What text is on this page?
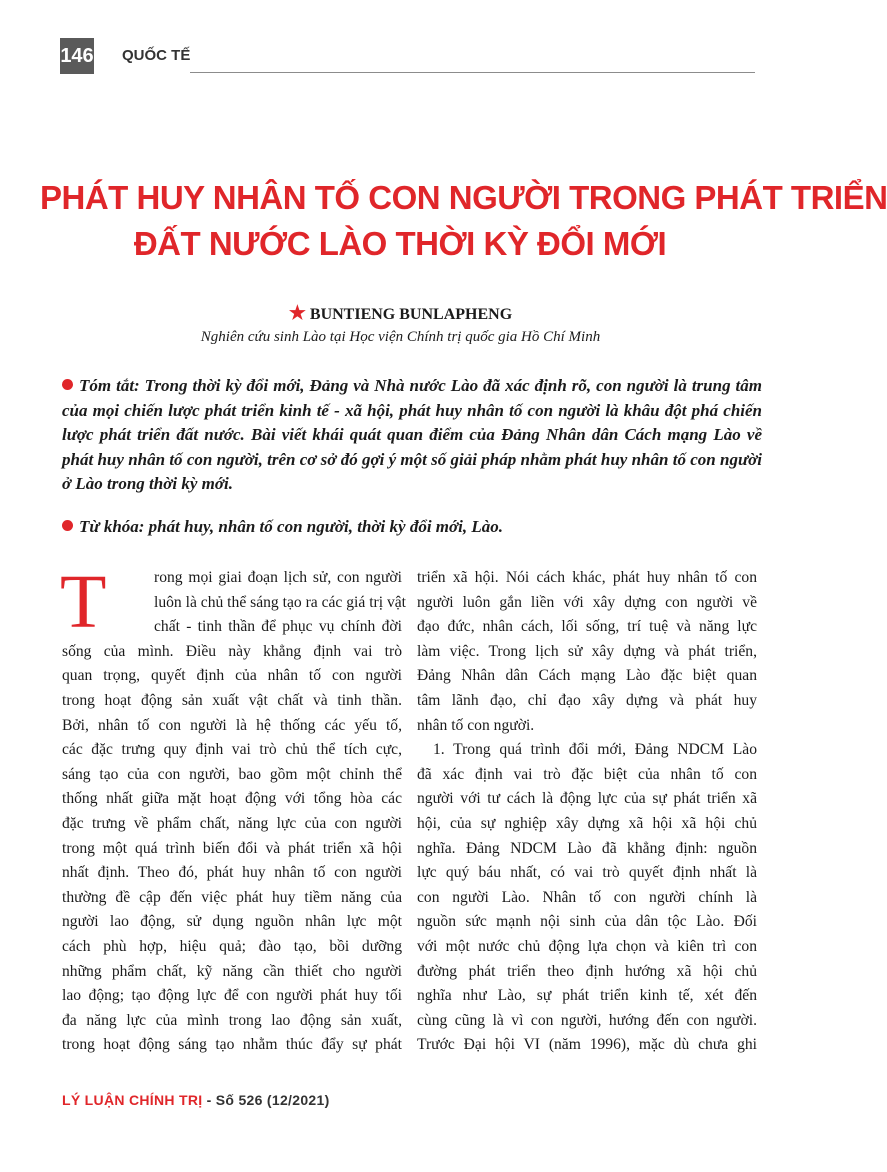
146 QUỐC TẾ
PHÁT HUY NHÂN TỐ CON NGƯỜI TRONG PHÁT TRIỂN
ĐẤT NƯỚC LÀO THỜI KỲ ĐỔI MỚI
★ BUNTIENG BUNLAPHENG
Nghiên cứu sinh Lào tại Học viện Chính trị quốc gia Hồ Chí Minh
Tóm tắt: Trong thời kỳ đổi mới, Đảng và Nhà nước Lào đã xác định rõ, con người là trung tâm của mọi chiến lược phát triển kinh tế - xã hội, phát huy nhân tố con người là khâu đột phá chiến lược phát triển đất nước. Bài viết khái quát quan điểm của Đảng Nhân dân Cách mạng Lào về phát huy nhân tố con người, trên cơ sở đó gợi ý một số giải pháp nhằm phát huy nhân tố con người ở Lào trong thời kỳ mới.
Từ khóa: phát huy, nhân tố con người, thời kỳ đổi mới, Lào.
T	rong mọi giai đoạn lịch sử, con người
luôn là chủ thể sáng tạo ra các giá trị vật
chất - tinh thần để phục vụ chính đời
sống của mình. Điều này khẳng định vai trò
quan trọng, quyết định của nhân tố con người
trong hoạt động sản xuất vật chất và tinh thần.
Bởi, nhân tố con người là hệ thống các yếu tố,
các đặc trưng quy định vai trò chủ thể tích cực,
sáng tạo của con người, bao gồm một chỉnh thể
thống nhất giữa mặt hoạt động với tổng hòa các
đặc trưng về phẩm chất, năng lực của con người
trong một quá trình biến đổi và phát triển xã hội
nhất định. Theo đó, phát huy nhân tố con người
thường đề cập đến việc phát huy tiềm năng của
người lao động, sử dụng nguồn nhân lực một
cách phù hợp, hiệu quả; đào tạo, bồi dưỡng
những phẩm chất, kỹ năng cần thiết cho người
lao động; tạo động lực để con người phát huy tối
đa năng lực của mình trong lao động sản xuất,
trong hoạt động sáng tạo nhằm thúc đẩy sự phát
triển xã hội. Nói cách khác, phát huy nhân tố con
người luôn gắn liền với xây dựng con người về
đạo đức, nhân cách, lối sống, trí tuệ và năng lực
làm việc. Trong lịch sử xây dựng và phát triển,
Đảng Nhân dân Cách mạng Lào đặc biệt quan
tâm lãnh đạo, chỉ đạo xây dựng và phát huy
nhân tố con người.
1. Trong quá trình đổi mới, Đảng NDCM Lào
đã xác định vai trò đặc biệt của nhân tố con
người với tư cách là động lực của sự phát triển xã
hội, của sự nghiệp xây dựng xã hội xã hội chủ
nghĩa. Đảng NDCM Lào đã khẳng định: nguồn
lực quý báu nhất, có vai trò quyết định nhất là
con người Lào. Nhân tố con người chính là
nguồn sức mạnh nội sinh của dân tộc Lào. Đối
với một nước chủ động lựa chọn và kiên trì con
đường phát triển theo định hướng xã hội chủ
nghĩa như Lào, sự phát triển kinh tế, xét đến
cùng cũng là vì con người, hướng đến con người.
Trước Đại hội VI (năm 1996), mặc dù chưa ghi
LÝ LUẬN CHÍNH TRỊ - Số 526 (12/2021)
